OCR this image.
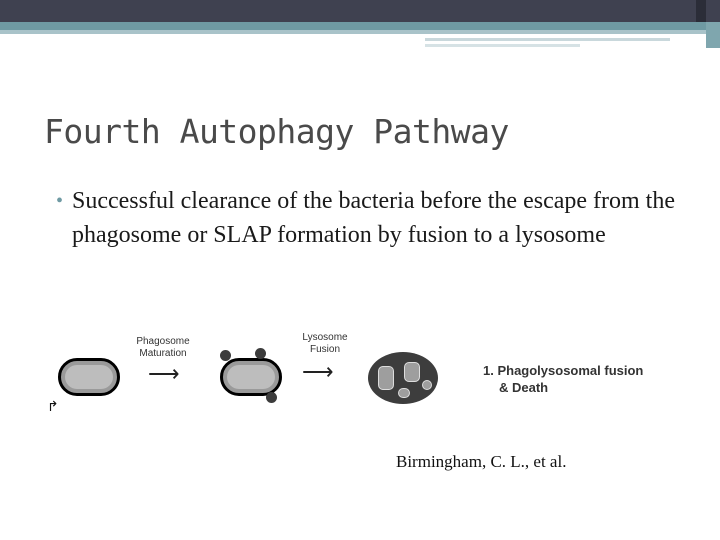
Fourth Autophagy Pathway
• Successful clearance of the bacteria before the escape from the phagosome or SLAP formation by fusion to a lysosome
Phagosome
Maturation
⟶
Lysosome
Fusion
⟶	1. Phagolysosomal fusion
& Death
↱
Birmingham, C. L., et al.
